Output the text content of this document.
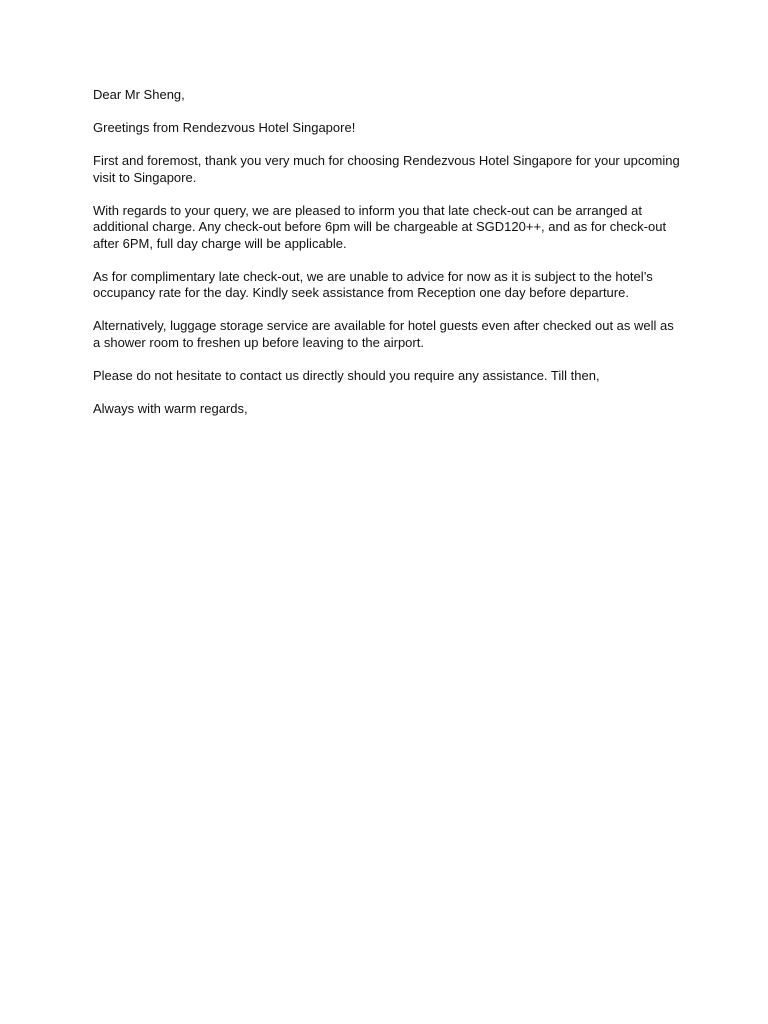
Dear Mr Sheng,

Greetings from Rendezvous Hotel Singapore!

First and foremost, thank you very much for choosing Rendezvous Hotel Singapore for your upcoming visit to Singapore.

With regards to your query, we are pleased to inform you that late check-out can be arranged at additional charge. Any check-out before 6pm will be chargeable at SGD120++, and as for check-out after 6PM, full day charge will be applicable.

As for complimentary late check-out, we are unable to advice for now as it is subject to the hotel’s occupancy rate for the day. Kindly seek assistance from Reception one day before departure.

Alternatively, luggage storage service are available for hotel guests even after checked out as well as a shower room to freshen up before leaving to the airport.

Please do not hesitate to contact us directly should you require any assistance. Till then,

Always with warm regards,
